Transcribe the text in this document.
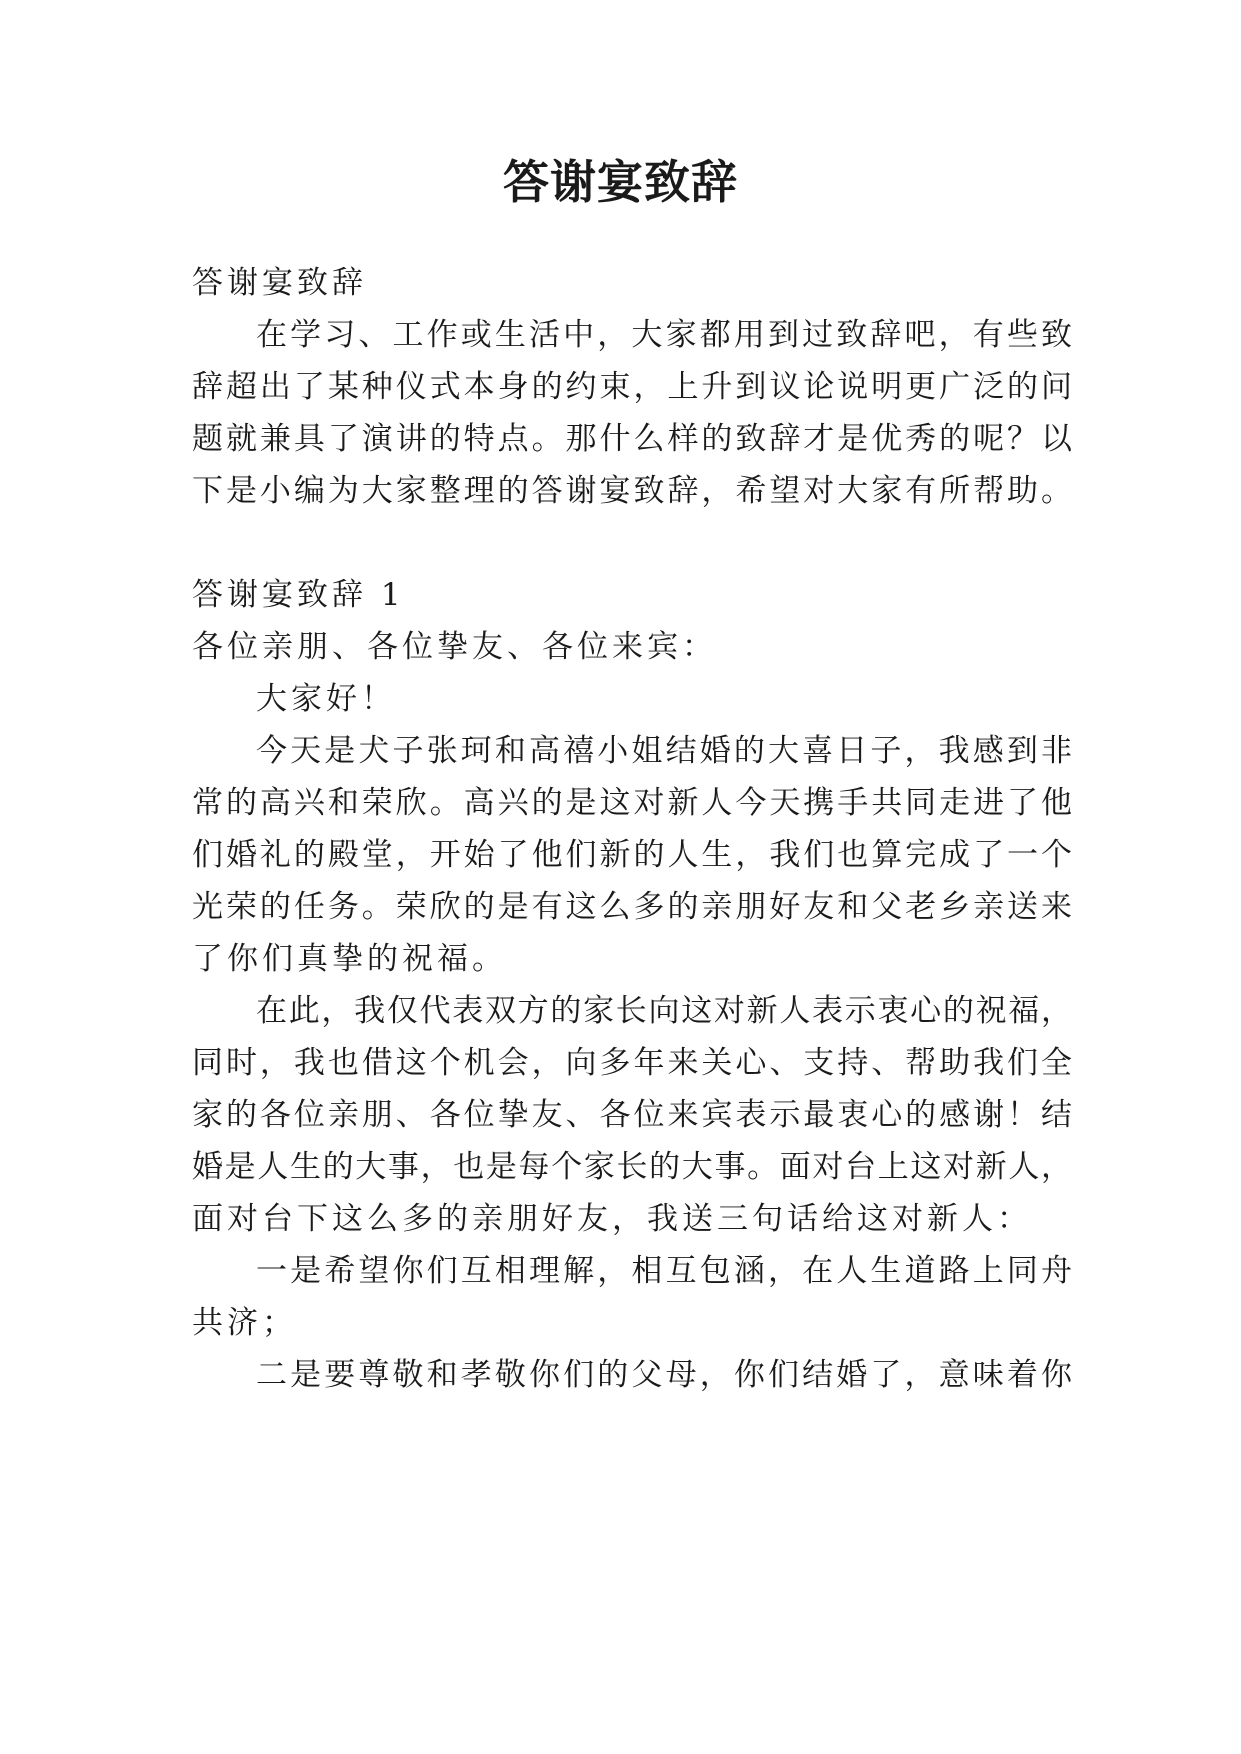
答谢宴致辞
答谢宴致辞
在学习、工作或生活中，大家都用到过致辞吧，有些致
辞超出了某种仪式本身的约束，上升到议论说明更广泛的问
题就兼具了演讲的特点。那什么样的致辞才是优秀的呢？以
下是小编为大家整理的答谢宴致辞，希望对大家有所帮助。
答谢宴致辞 1
各位亲朋、各位挚友、各位来宾：
大家好！
今天是犬子张珂和高禧小姐结婚的大喜日子，我感到非
常的高兴和荣欣。高兴的是这对新人今天携手共同走进了他
们婚礼的殿堂，开始了他们新的人生，我们也算完成了一个
光荣的任务。荣欣的是有这么多的亲朋好友和父老乡亲送来
了你们真挚的祝福。
在此，我仅代表双方的家长向这对新人表示衷心的祝福，
同时，我也借这个机会，向多年来关心、支持、帮助我们全
家的各位亲朋、各位挚友、各位来宾表示最衷心的感谢！结
婚是人生的大事，也是每个家长的大事。面对台上这对新人，
面对台下这么多的亲朋好友，我送三句话给这对新人：
一是希望你们互相理解，相互包涵，在人生道路上同舟
共济；
二是要尊敬和孝敬你们的父母，你们结婚了，意味着你
